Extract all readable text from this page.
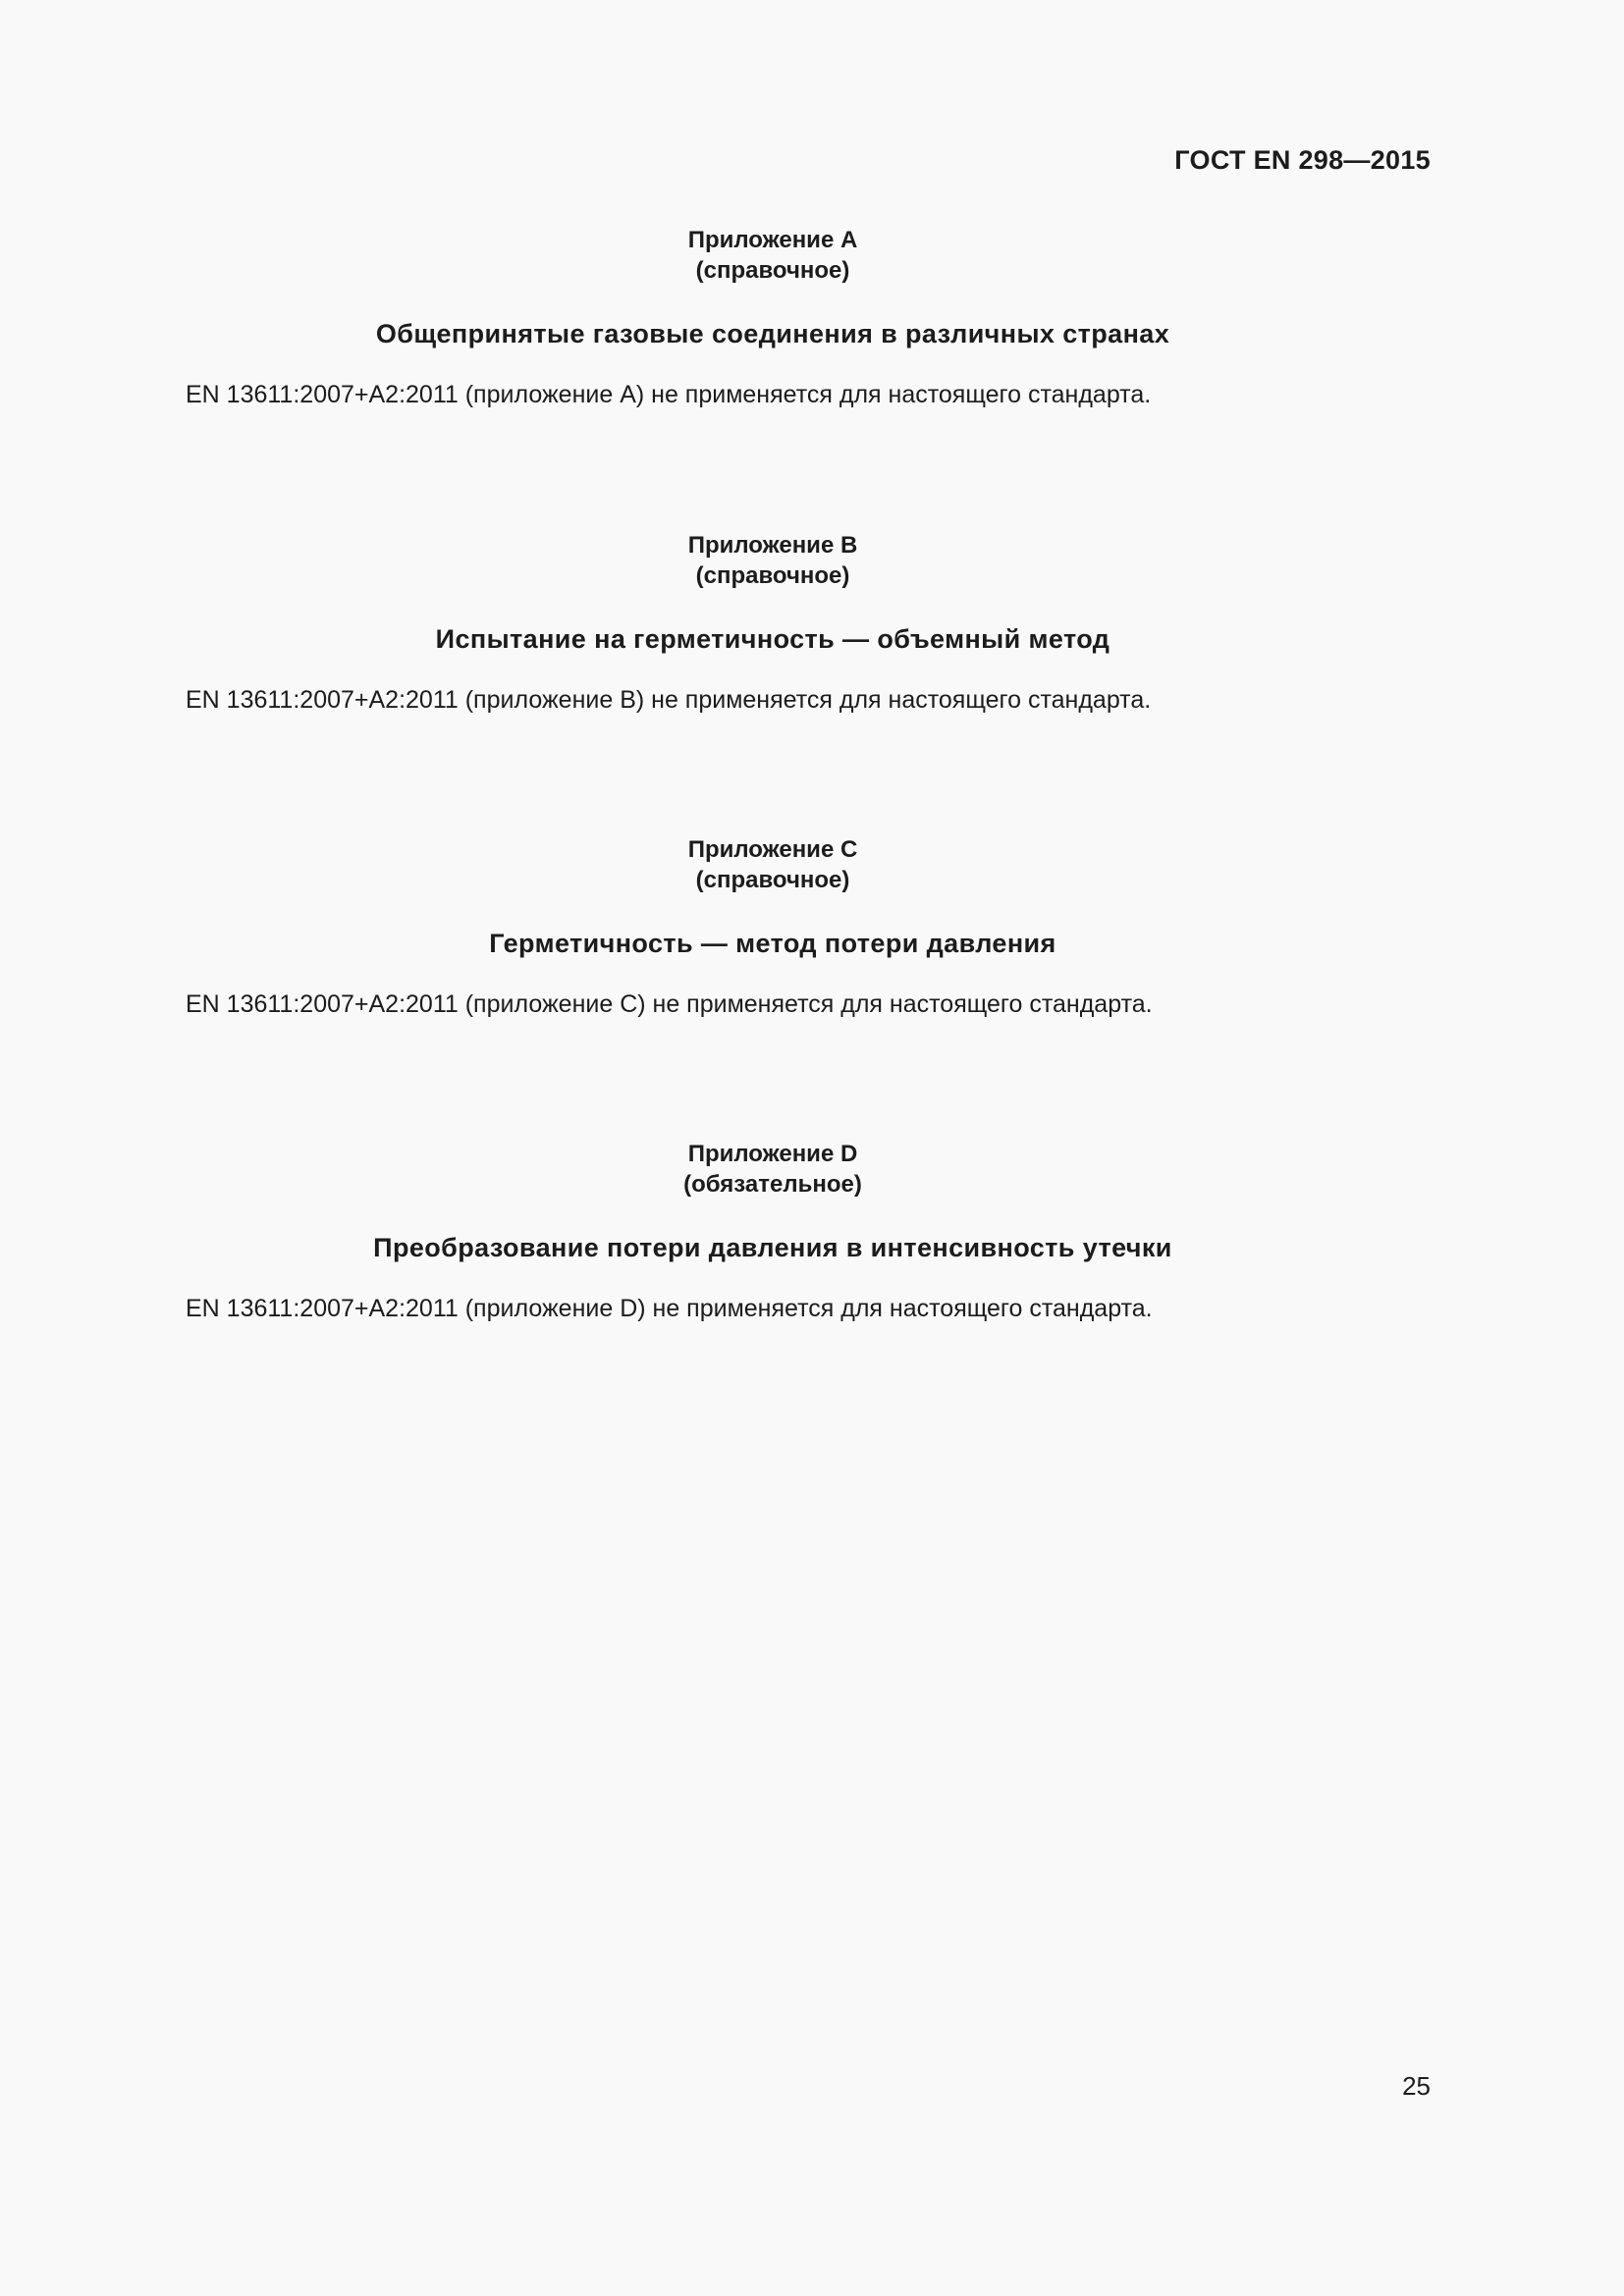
ГОСТ EN 298—2015
Приложение А
(справочное)
Общепринятые газовые соединения в различных странах
EN 13611:2007+A2:2011 (приложение А) не применяется для настоящего стандарта.
Приложение В
(справочное)
Испытание на герметичность — объемный метод
EN 13611:2007+A2:2011 (приложение В) не применяется для настоящего стандарта.
Приложение С
(справочное)
Герметичность — метод потери давления
EN 13611:2007+A2:2011 (приложение С) не применяется для настоящего стандарта.
Приложение D
(обязательное)
Преобразование потери давления в интенсивность утечки
EN 13611:2007+A2:2011 (приложение D) не применяется для настоящего стандарта.
25
